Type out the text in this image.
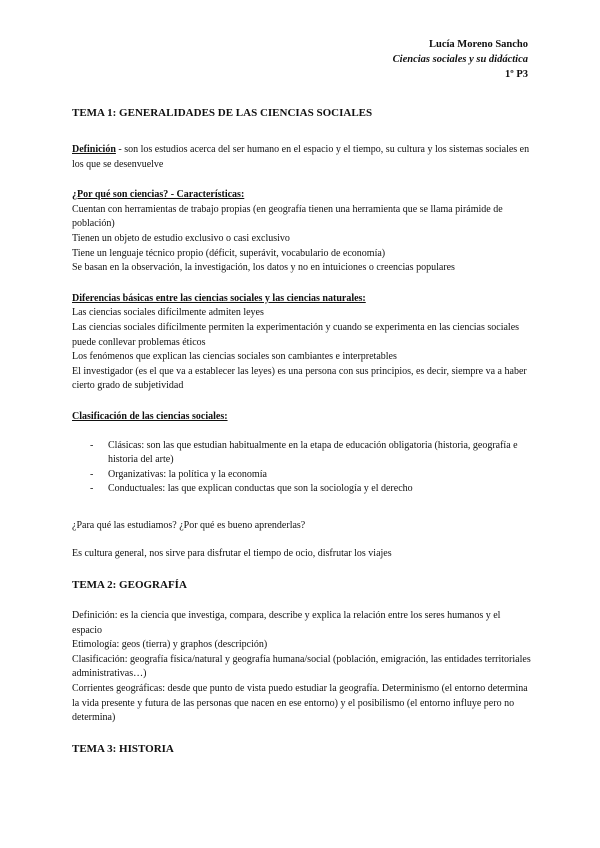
Lucía Moreno Sancho
Ciencias sociales y su didáctica
1º P3
TEMA 1: GENERALIDADES DE LAS CIENCIAS SOCIALES

Definición - son los estudios acerca del ser humano en el espacio y el tiempo, su cultura y los sistemas sociales en los que se desenvuelve

¿Por qué son ciencias? - Características:

Cuentan con herramientas de trabajo propias (en geografía tienen una herramienta que se llama pirámide de población)

Tienen un objeto de estudio exclusivo o casi exclusivo

Tiene un lenguaje técnico propio (déficit, superávit, vocabulario de economía)

Se basan en la observación, la investigación, los datos y no en intuiciones o creencias populares

Diferencias básicas entre las ciencias sociales y las ciencias naturales:

Las ciencias sociales difícilmente admiten leyes

Las ciencias sociales difícilmente permiten la experimentación y cuando se experimenta en las ciencias sociales puede conllevar problemas éticos

Los fenómenos que explican las ciencias sociales son cambiantes e interpretables

El investigador (es el que va a establecer las leyes) es una persona con sus principios, es decir, siempre va a haber cierto grado de subjetividad

Clasificación de las ciencias sociales:

- Clásicas: son las que estudian habitualmente en la etapa de educación obligatoria (historia, geografía e historia del arte)
- Organizativas: la política y la economía
- Conductuales: las que explican conductas que son la sociología y el derecho

¿Para qué las estudiamos? ¿Por qué es bueno aprenderlas?

Es cultura general, nos sirve para disfrutar el tiempo de ocio, disfrutar los viajes

TEMA 2: GEOGRAFÍA

Definición: es la ciencia que investiga, compara, describe y explica la relación entre los seres humanos y el espacio

Etimología: geos (tierra) y graphos (descripción)

Clasificación: geografía física/natural y geografía humana/social (población, emigración, las entidades territoriales administrativas…)

Corrientes geográficas: desde que punto de vista puedo estudiar la geografía. Determinismo (el entorno determina la vida presente y futura de las personas que nacen en ese entorno) y el posibilismo (el entorno influye pero no determina)

TEMA 3: HISTORIA
